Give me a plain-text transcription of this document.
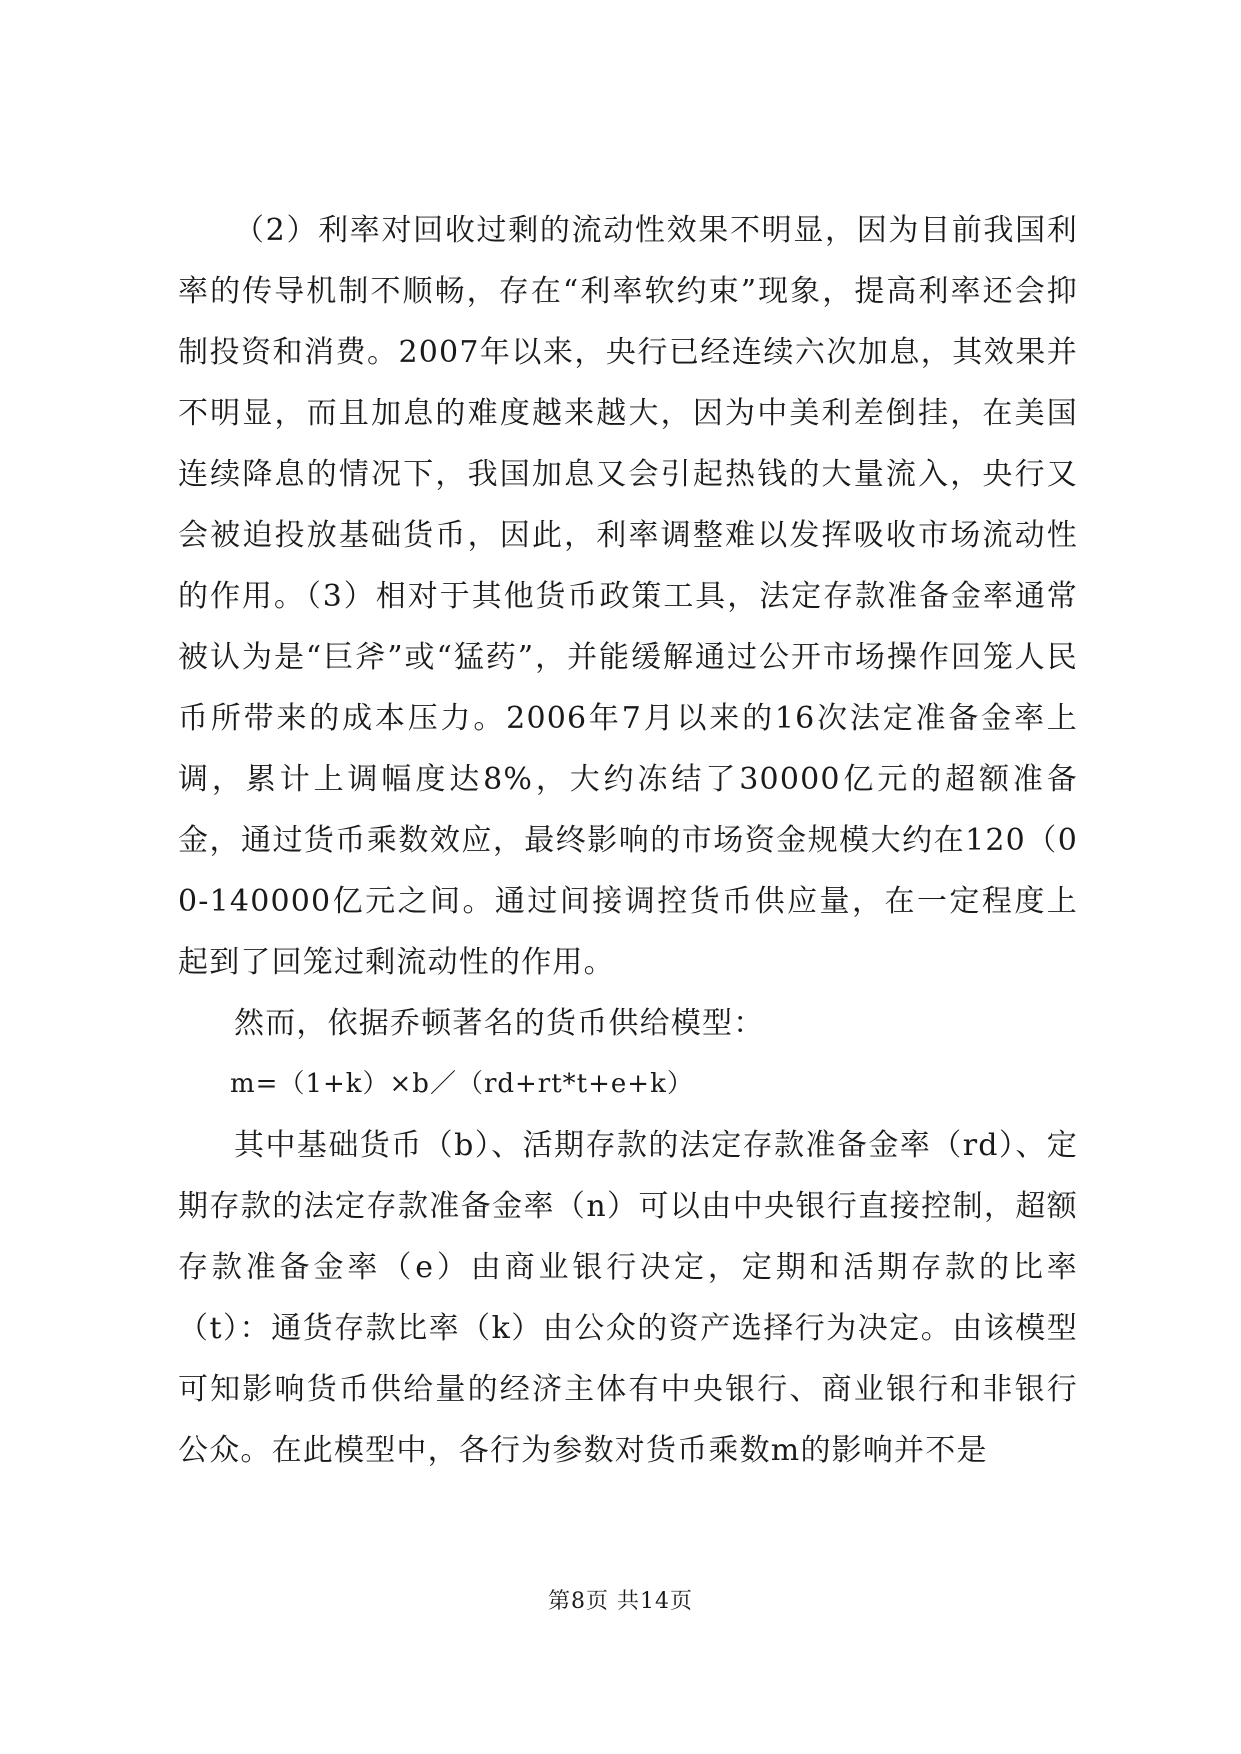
（2）利率对回收过剩的流动性效果不明显，因为目前我国利率的传导机制不顺畅，存在“利率软约束”现象，提高利率还会抑制投资和消费。2007年以来，央行已经连续六次加息，其效果并不明显，而且加息的难度越来越大，因为中美利差倒挂，在美国连续降息的情况下，我国加息又会引起热钱的大量流入，央行又会被迫投放基础货币，因此，利率调整难以发挥吸收市场流动性的作用。（3）相对于其他货币政策工具，法定存款准备金率通常被认为是“巨斧”或“猛药”，并能缓解通过公开市场操作回笼人民币所带来的成本压力。2006年7月以来的16次法定准备金率上调，累计上调幅度达8%，大约冻结了30000亿元的超额准备金，通过货币乘数效应，最终影响的市场资金规模大约在120（00-140000亿元之间。通过间接调控货币供应量，在一定程度上起到了回笼过剩流动性的作用。

然而，依据乔顿著名的货币供给模型：

m=（1+k）×b／（rd+rt*t+e+k）

其中基础货币（b）、活期存款的法定存款准备金率（rd）、定期存款的法定存款准备金率（n）可以由中央银行直接控制，超额存款准备金率（e）由商业银行决定，定期和活期存款的比率（t）：通货存款比率（k）由公众的资产选择行为决定。由该模型可知影响货币供给量的经济主体有中央银行、商业银行和非银行公众。在此模型中，各行为参数对货币乘数m的影响并不是

第8页 共14页
